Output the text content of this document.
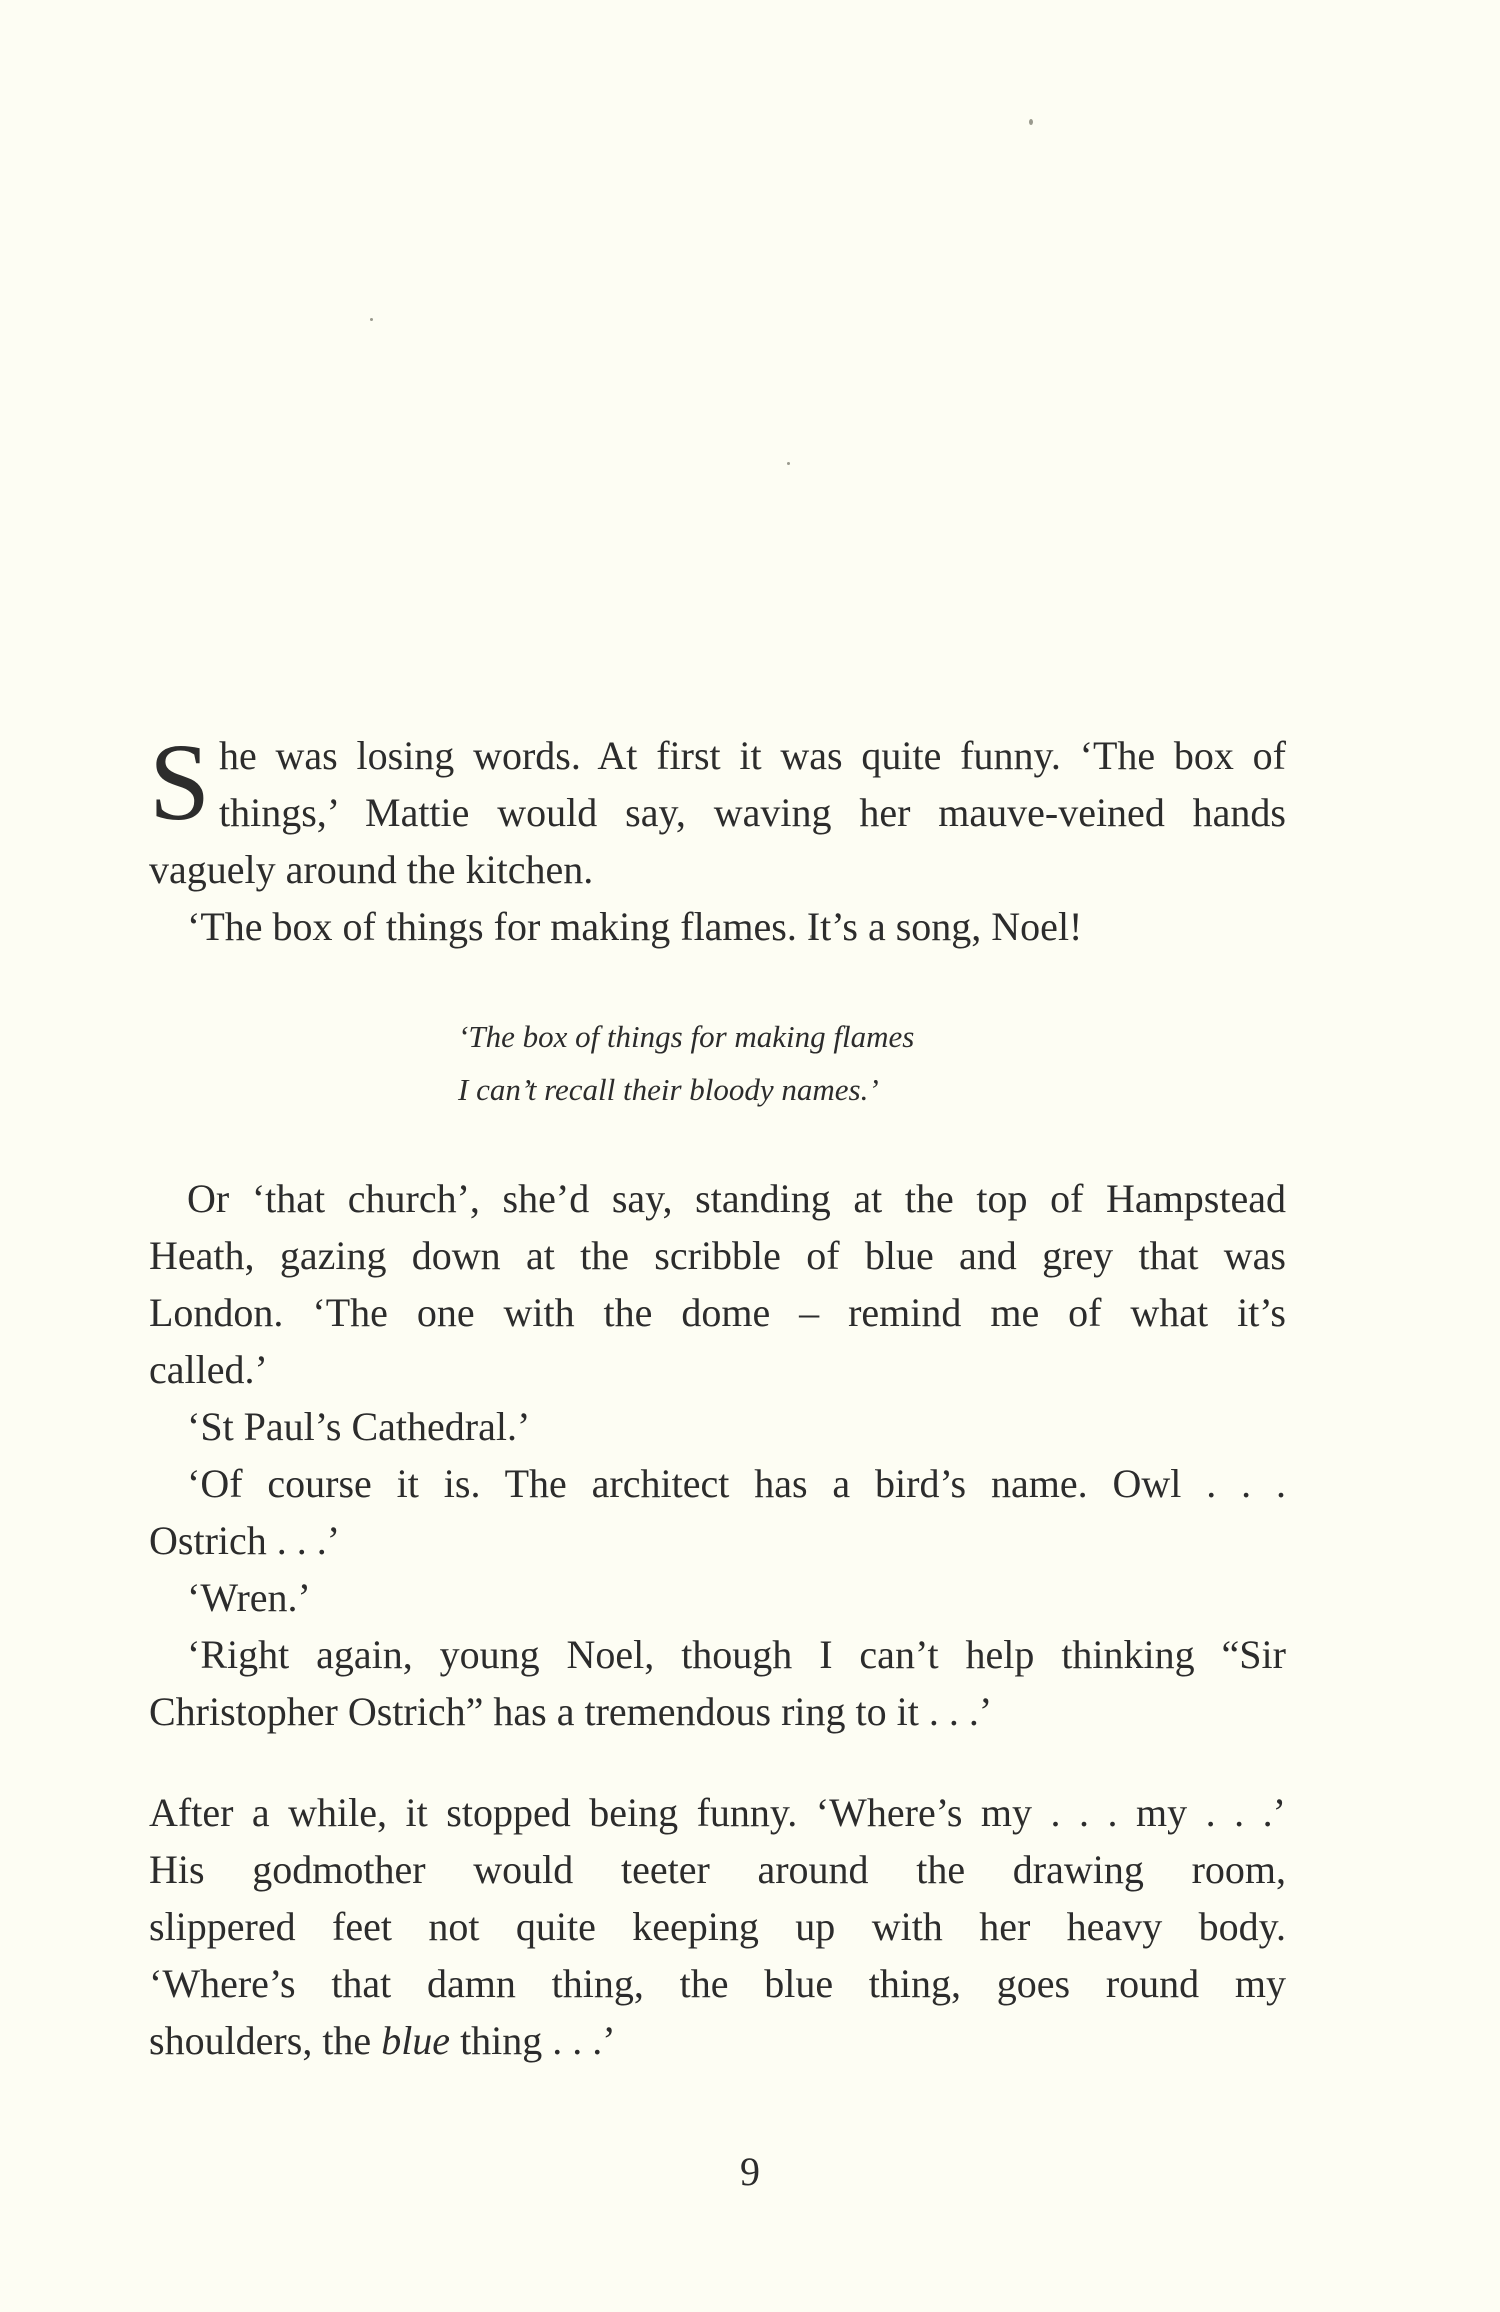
S he was losing words. At first it was quite funny. ‘The box of
things,’ Mattie would say, waving her mauve-veined hands
vaguely around the kitchen.
‘The box of things for making flames. It’s a song, Noel!
‘The box of things for making flames
I can’t recall their bloody names.’
Or ‘that church’, she’d say, standing at the top of Hampstead
Heath, gazing down at the scribble of blue and grey that was
London. ‘The one with the dome – remind me of what it’s
called.’
‘St Paul’s Cathedral.’
‘Of course it is. The architect has a bird’s name. Owl . . .
Ostrich . . .’
‘Wren.’
‘Right again, young Noel, though I can’t help thinking “Sir
Christopher Ostrich” has a tremendous ring to it . . .’
After a while, it stopped being funny. ‘Where’s my . . . my . . .’
His godmother would teeter around the drawing room,
slippered feet not quite keeping up with her heavy body.
‘Where’s that damn thing, the blue thing, goes round my
shoulders, the blue thing . . .’
9
